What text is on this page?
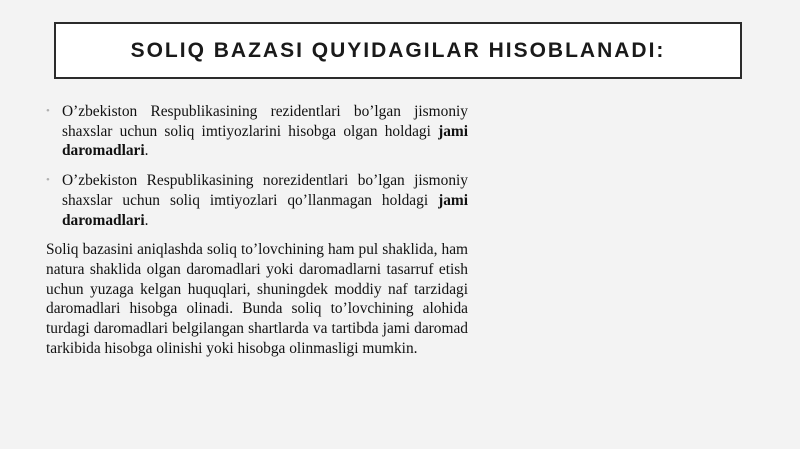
SOLIQ BAZASI QUYIDAGILAR HISOBLANADI:
• O’zbekiston Respublikasining rezidentlari bo’lgan jismoniy shaxslar uchun soliq imtiyozlarini hisobga olgan holdagi jami daromadlari.
• O’zbekiston Respublikasining norezidentlari bo’lgan jismoniy shaxslar uchun soliq imtiyozlari qo’llanmagan holdagi jami daromadlari.
Soliq bazasini aniqlashda soliq to’lovchining ham pul shaklida, ham natura shaklida olgan daromadlari yoki daromadlarni tasarruf etish uchun yuzaga kelgan huquqlari, shuningdek moddiy naf tarzidagi daromadlari hisobga olinadi. Bunda soliq to’lovchining alohida turdagi daromadlari belgilangan shartlarda va tartibda jami daromad tarkibida hisobga olinishi yoki hisobga olinmasligi mumkin.
